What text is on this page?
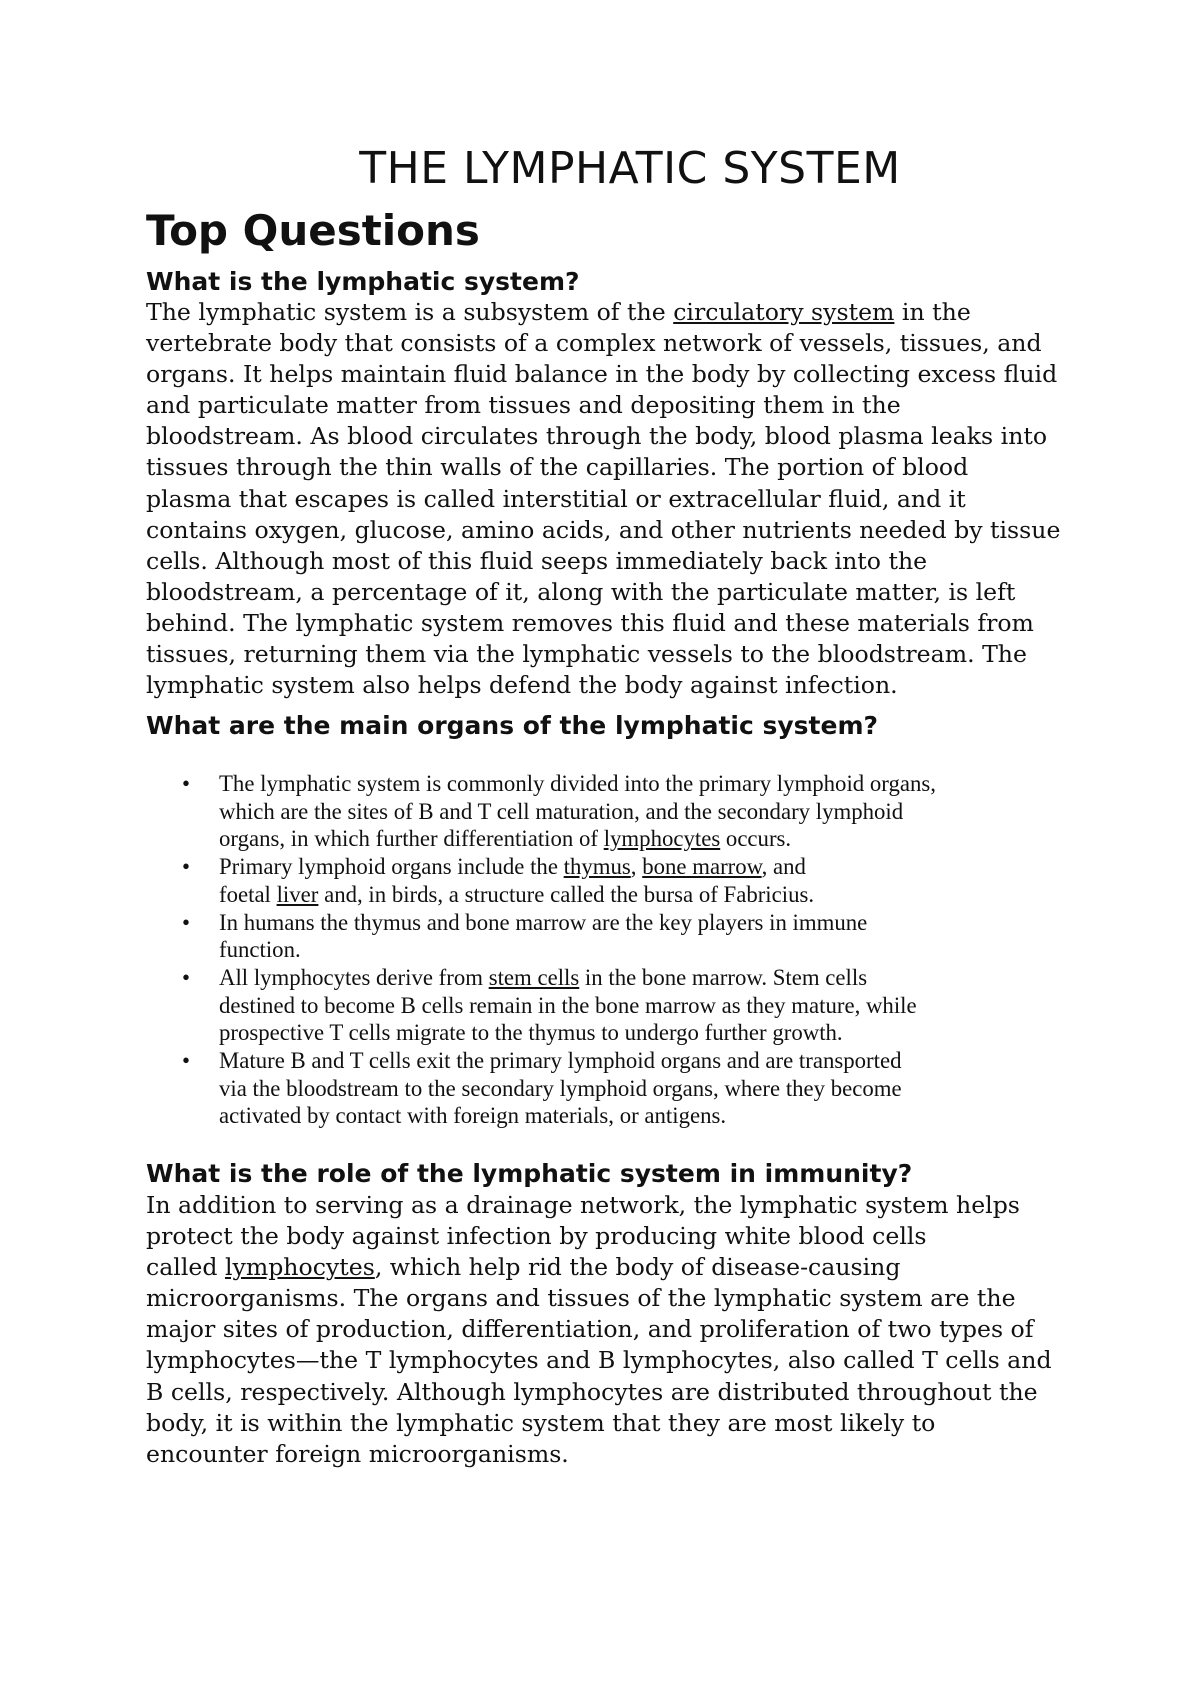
THE LYMPHATIC SYSTEM
Top Questions
What is the lymphatic system?

The lymphatic system is a subsystem of the circulatory system in the
vertebrate body that consists of a complex network of vessels, tissues, and
organs. It helps maintain fluid balance in the body by collecting excess fluid
and particulate matter from tissues and depositing them in the
bloodstream. As blood circulates through the body, blood plasma leaks into
tissues through the thin walls of the capillaries. The portion of blood
plasma that escapes is called interstitial or extracellular fluid, and it
contains oxygen, glucose, amino acids, and other nutrients needed by tissue
cells. Although most of this fluid seeps immediately back into the
bloodstream, a percentage of it, along with the particulate matter, is left
behind. The lymphatic system removes this fluid and these materials from
tissues, returning them via the lymphatic vessels to the bloodstream. The
lymphatic system also helps defend the body against infection.

What are the main organs of the lymphatic system?
• The lymphatic system is commonly divided into the primary lymphoid organs,
which are the sites of B and T cell maturation, and the secondary lymphoid
organs, in which further differentiation of lymphocytes occurs.
• Primary lymphoid organs include the thymus, bone marrow, and
foetal liver and, in birds, a structure called the bursa of Fabricius.
• In humans the thymus and bone marrow are the key players in immune
function.
• All lymphocytes derive from stem cells in the bone marrow. Stem cells
destined to become B cells remain in the bone marrow as they mature, while
prospective T cells migrate to the thymus to undergo further growth.
• Mature B and T cells exit the primary lymphoid organs and are transported
via the bloodstream to the secondary lymphoid organs, where they become
activated by contact with foreign materials, or antigens.
What is the role of the lymphatic system in immunity?

In addition to serving as a drainage network, the lymphatic system helps
protect the body against infection by producing white blood cells
called lymphocytes, which help rid the body of disease-causing
microorganisms. The organs and tissues of the lymphatic system are the
major sites of production, differentiation, and proliferation of two types of
lymphocytes—the T lymphocytes and B lymphocytes, also called T cells and
B cells, respectively. Although lymphocytes are distributed throughout the
body, it is within the lymphatic system that they are most likely to
encounter foreign microorganisms.
